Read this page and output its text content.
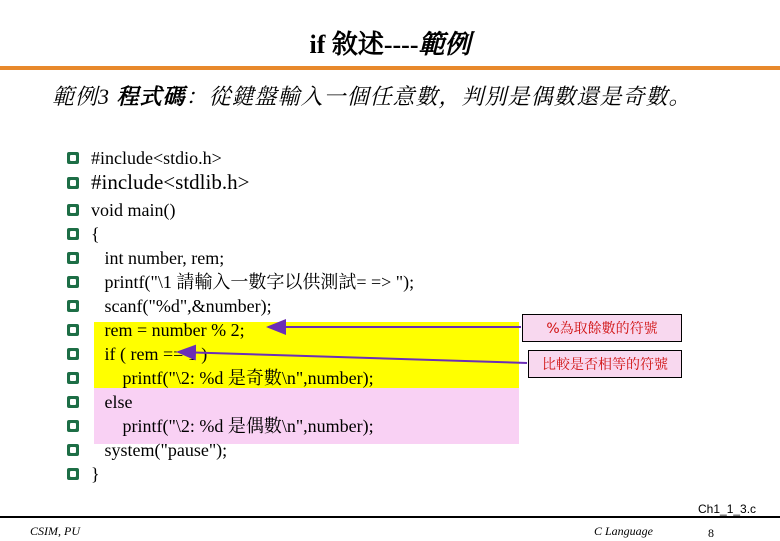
if 敘述----範例
範例3 程式碼：從鍵盤輸入一個任意數，判別是偶數還是奇數。
#include<stdio.h>
#include<stdlib.h>
void main()
{
int number, rem;
printf("\1 請輸入一數字以供測試= => ");
scanf("%d",&number);
rem = number % 2;
if ( rem == 1 )
printf("\2: %d 是奇數\n",number);
else
printf("\2: %d 是偶數\n",number);
system("pause");
}
%為取餘數的符號
比較是否相等的符號
Ch1_1_3.c
CSIM, PU	C Language	8
